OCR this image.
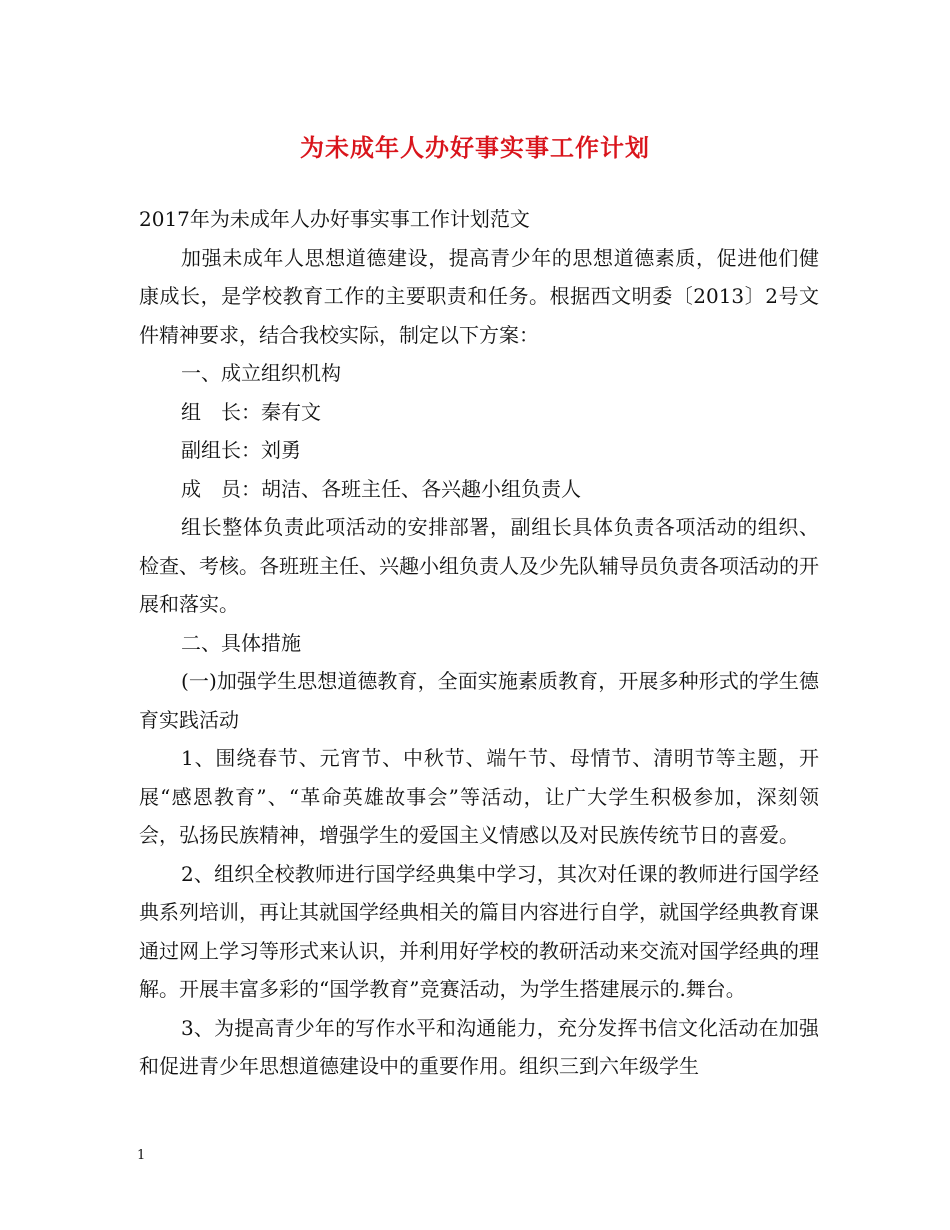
为未成年人办好事实事工作计划

2017年为未成年人办好事实事工作计划范文

加强未成年人思想道德建设，提高青少年的思想道德素质，促进他们健康成长，是学校教育工作的主要职责和任务。根据西文明委〔2013〕2号文件精神要求，结合我校实际，制定以下方案：

一、成立组织机构

组　长：秦有文

副组长：刘勇

成　员：胡洁、各班主任、各兴趣小组负责人

组长整体负责此项活动的安排部署，副组长具体负责各项活动的组织、检查、考核。各班班主任、兴趣小组负责人及少先队辅导员负责各项活动的开展和落实。

二、具体措施

(一)加强学生思想道德教育，全面实施素质教育，开展多种形式的学生德育实践活动

1、围绕春节、元宵节、中秋节、端午节、母情节、清明节等主题，开展“感恩教育”、“革命英雄故事会”等活动，让广大学生积极参加，深刻领会，弘扬民族精神，增强学生的爱国主义情感以及对民族传统节日的喜爱。

2、组织全校教师进行国学经典集中学习，其次对任课的教师进行国学经典系列培训，再让其就国学经典相关的篇目内容进行自学，就国学经典教育课通过网上学习等形式来认识，并利用好学校的教研活动来交流对国学经典的理解。开展丰富多彩的“国学教育”竞赛活动，为学生搭建展示的.舞台。

3、为提高青少年的写作水平和沟通能力，充分发挥书信文化活动在加强和促进青少年思想道德建设中的重要作用。组织三到六年级学生

1
